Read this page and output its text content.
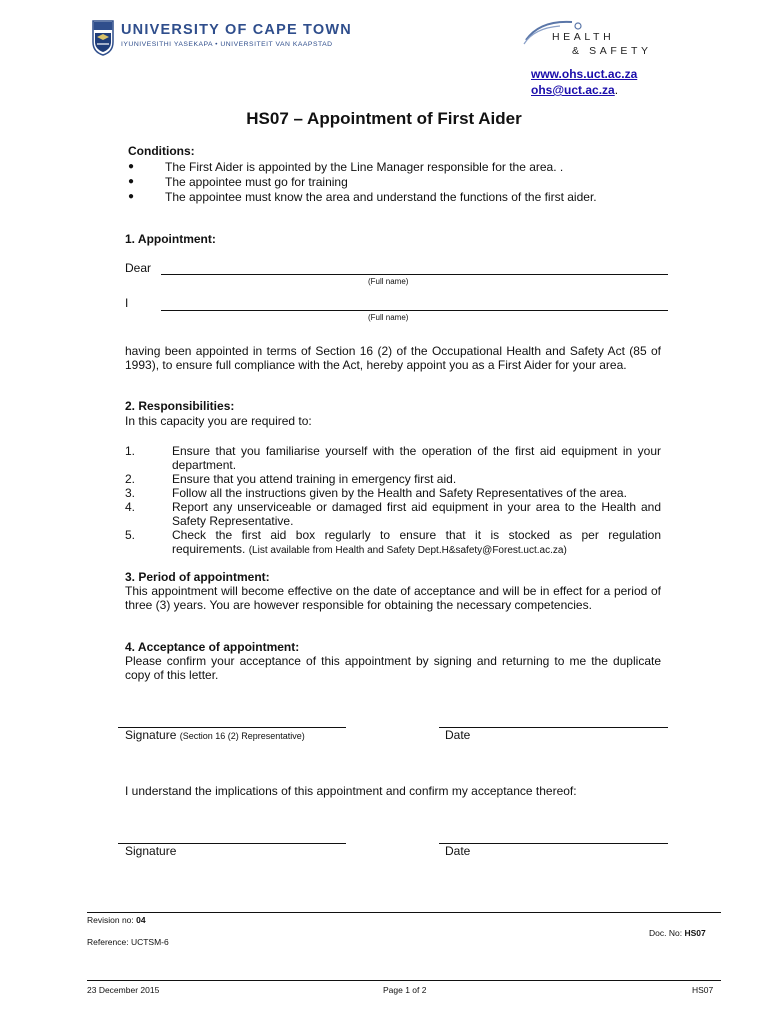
UNIVERSITY OF CAPE TOWN
IYUNIVESITHI YASEKAPA • UNIVERSITEIT VAN KAAPSTAD
HEALTH
& SAFETY
www.ohs.uct.ac.za
ohs@uct.ac.za.
HS07 – Appointment of First Aider
Conditions:
●	The First Aider is appointed by the Line Manager responsible for the area. .
●	The appointee must go for training
●	The appointee must know the area and understand the functions of the first aider.
1. Appointment:
Dear
(Full name)
I
(Full name)
having been appointed in terms of Section 16 (2) of the Occupational Health and Safety Act (85 of 1993), to ensure full compliance with the Act, hereby appoint you as a First Aider for your area.
2. Responsibilities:
In this capacity you are required to:
1.	Ensure that you familiarise yourself with the operation of the first aid equipment in your department.
2.	Ensure that you attend training in emergency first aid.
3.	Follow all the instructions given by the Health and Safety Representatives of the area.
4.	Report any unserviceable or damaged first aid equipment in your area to the Health and Safety Representative.
5.	Check the first aid box regularly to ensure that it is stocked as per regulation
requirements. (List available from Health and Safety Dept.H&safety@Forest.uct.ac.za)
3. Period of appointment:
This appointment will become effective on the date of acceptance and will be in effect for a period of three (3) years. You are however responsible for obtaining the necessary competencies.
4. Acceptance of appointment:
Please confirm your acceptance of this appointment by signing and returning to me the duplicate copy of this letter.
Signature (Section 16 (2) Representative)	Date
I understand the implications of this appointment and confirm my acceptance thereof:
Signature	Date
Revision no: 04
Doc. No: HS07
Reference: UCTSM-6
23 December 2015	Page 1 of 2	HS07
